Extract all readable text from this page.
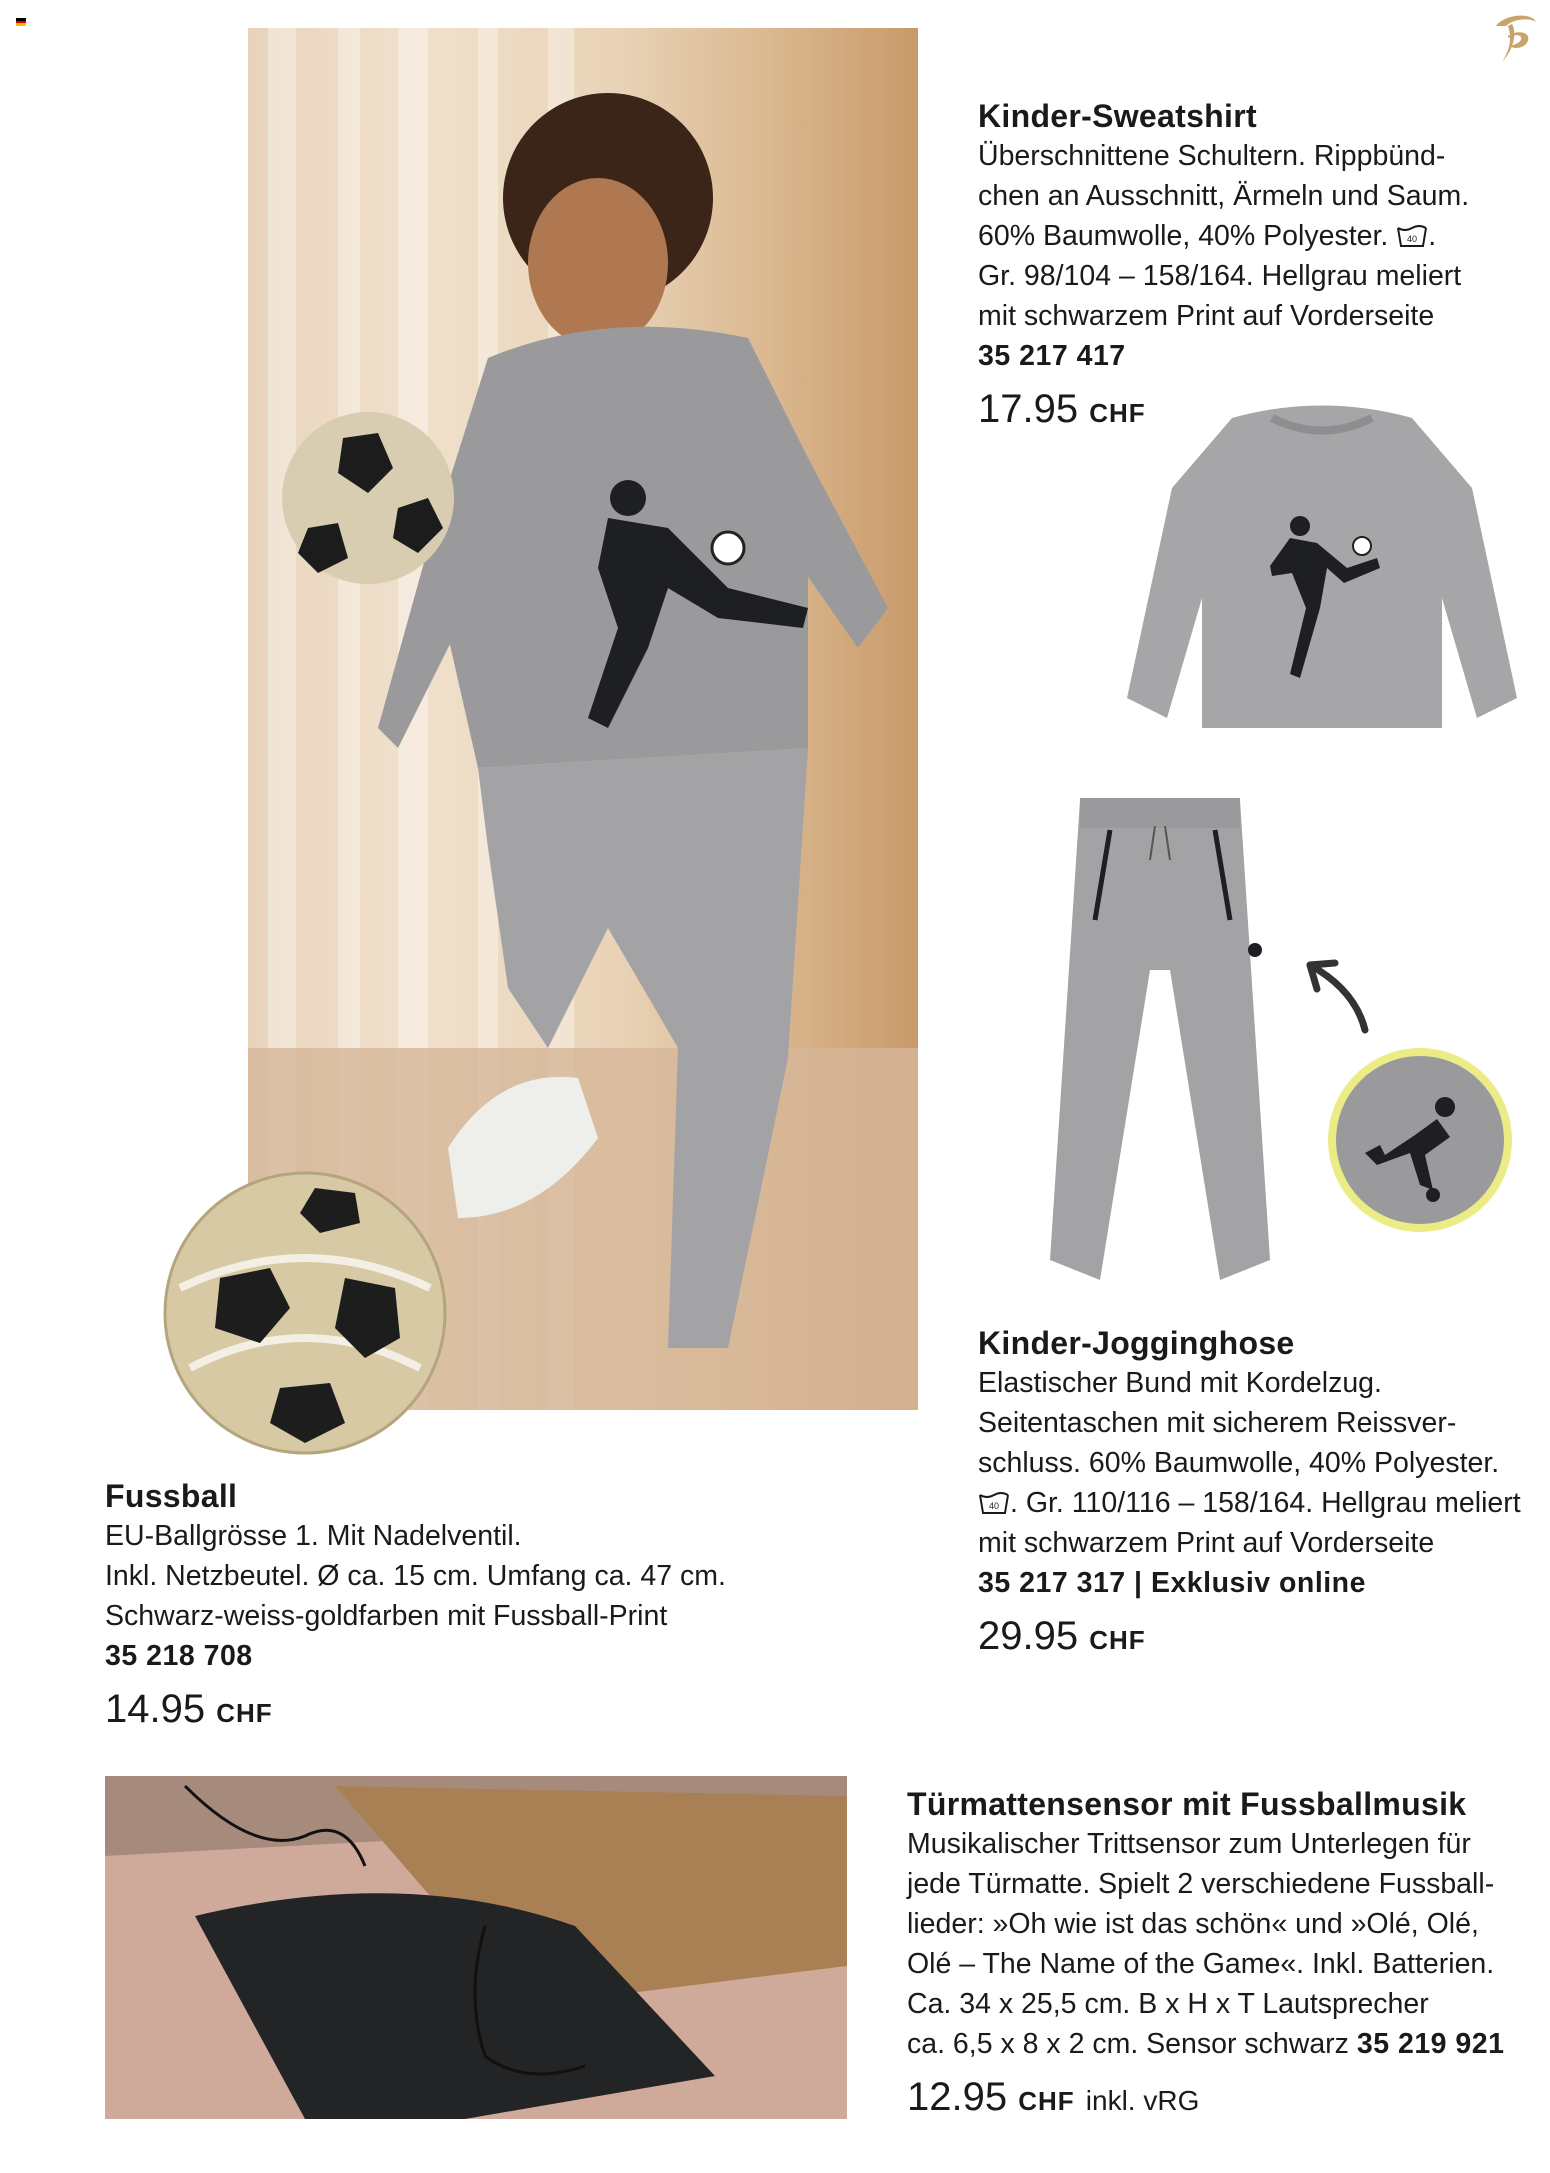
Kinder-Sweatshirt

Überschnittene Schultern. Rippbünd-

chen an Ausschnitt, Ärmeln und Saum.

60% Baumwolle, 40% Polyester. 40 .

Gr. 98/104 – 158/164. Hellgrau meliert

mit schwarzem Print auf Vorderseite

35 217 417
17.95 CHF
Kinder-Jogginghose

Elastischer Bund mit Kordelzug.

Seitentaschen mit sicherem Reissver-

schluss. 60% Baumwolle, 40% Polyester.

40 . Gr. 110/116 – 158/164. Hellgrau meliert

mit schwarzem Print auf Vorderseite

35 217 317 | Exklusiv online
29.95 CHF
Fussball

EU-Ballgrösse 1. Mit Nadelventil.

Inkl. Netzbeutel. Ø ca. 15 cm. Umfang ca. 47 cm.

Schwarz-weiss-goldfarben mit Fussball-Print

35 218 708
14.95 CHF
Türmattensensor mit Fussballmusik

Musikalischer Trittsensor zum Unterlegen für

jede Türmatte. Spielt 2 verschiedene Fussball-

lieder: »Oh wie ist das schön« und »Olé, Olé,

Olé – The Name of the Game«. Inkl. Batterien.

Ca. 34 x 25,5 cm. B x H x T Lautsprecher

ca. 6,5 x 8 x 2 cm. Sensor schwarz 35 219 921

12.95 CHF inkl. vRG
